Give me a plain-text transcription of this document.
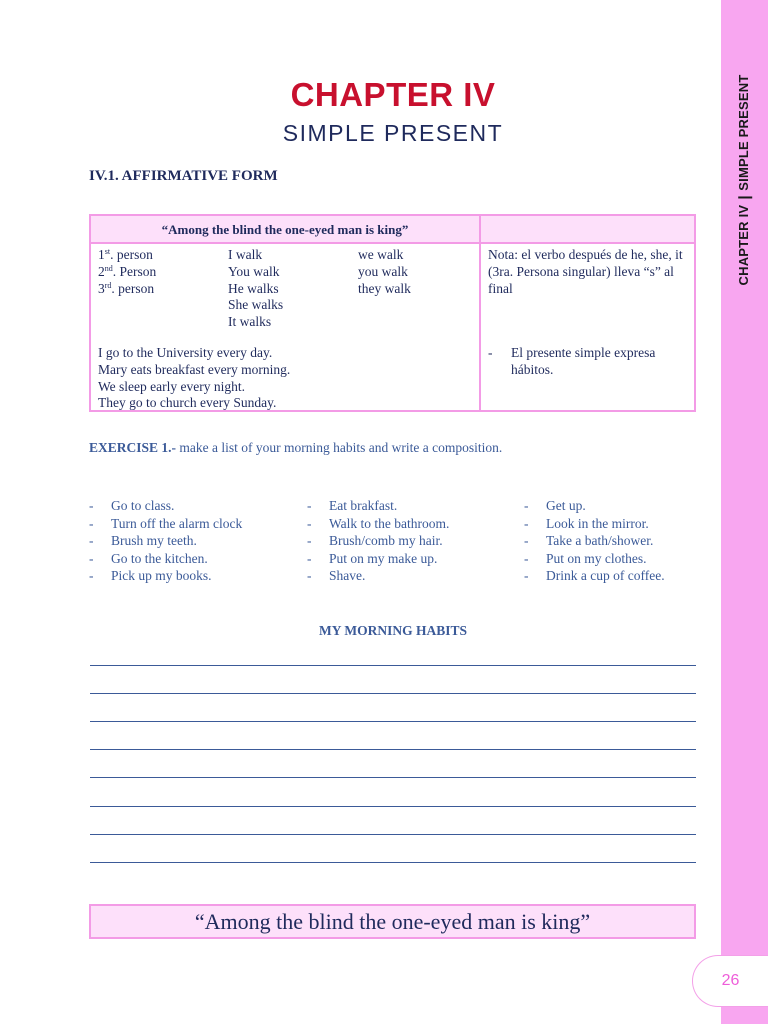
CHAPTER IVSIMPLE PRESENT
26
CHAPTER IV
SIMPLE PRESENT
IV.1. AFFIRMATIVE FORM
“Among the blind the one-eyed man is king”
1st. person
2nd. Person
3rd. person
I walk
You walk
He walks
She walks
It walks
we walk
you walk
they walk
I go to the University every day.
Mary eats breakfast every morning.
We sleep early every night.
They go to church every Sunday.
Nota: el verbo después de he, she, it (3ra. Persona singular) lleva “s” al final
- El presente simple expresa hábitos.
EXERCISE 1.- make a list of your morning habits and write a composition.
- Go to class.
- Turn off the alarm clock
- Brush my teeth.
- Go to the kitchen.
- Pick up my books.
- Eat brakfast.
- Walk to the bathroom.
- Brush/comb my hair.
- Put on my make up.
- Shave.
- Get up.
- Look in the mirror.
- Take a bath/shower.
- Put on my clothes.
- Drink a cup of coffee.
MY MORNING HABITS
“Among the blind the one-eyed man is king”
